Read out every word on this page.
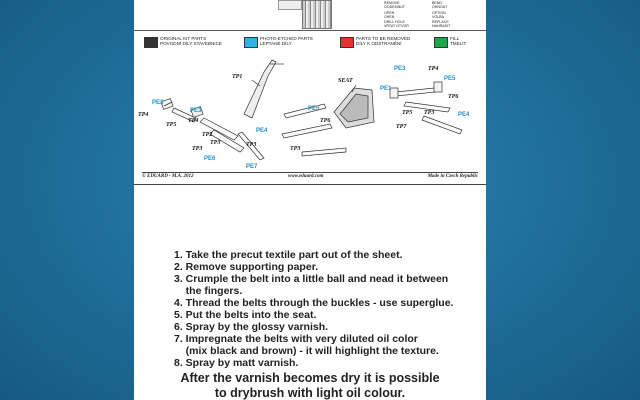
REMOVE
OODEMNUT
OPEN
OHEN
BEND
OHNOUT
OPTION
VOLBA
DRILL HOLE
VRTAT OTVOR
REPLACE
NAHRADIT
ORIGINAL KIT PARTS
POVODNÍ DÍLY STAVEBNICE
PHOTO-ETCHED PARTS
LEPTANÉ DÍLY
PARTS TO BE REMOVED
DÍLY K ODSTRANĚNÍ
FILL
TMELIT
TP1
SEAT
PE3	TP4
PE5
TP6
PE1
TP5 TP3	PE4
TP7
PE3
TP4
TP5
PE3
TP4
TP2
TP3
TP3
TP3
PE4
PE5
TP6
PE6
PE7
TP3
© EDUARD - M.A. 2012	www.eduard.com	Made in Czech Republic
1. Take the precut textile part out of the sheet.
2. Remove supporting paper.
3. Crumple the belt into a little ball and nead it between
the fingers.
4. Thread the belts through the buckles - use superglue.
5. Put the belts into the seat.
6. Spray by the glossy varnish.
7. Impregnate the belts with very diluted oil color
(mix black and brown) - it will highlight the texture.
8. Spray by matt varnish.
After the varnish becomes dry it is possible
to drybrush with light oil colour.
